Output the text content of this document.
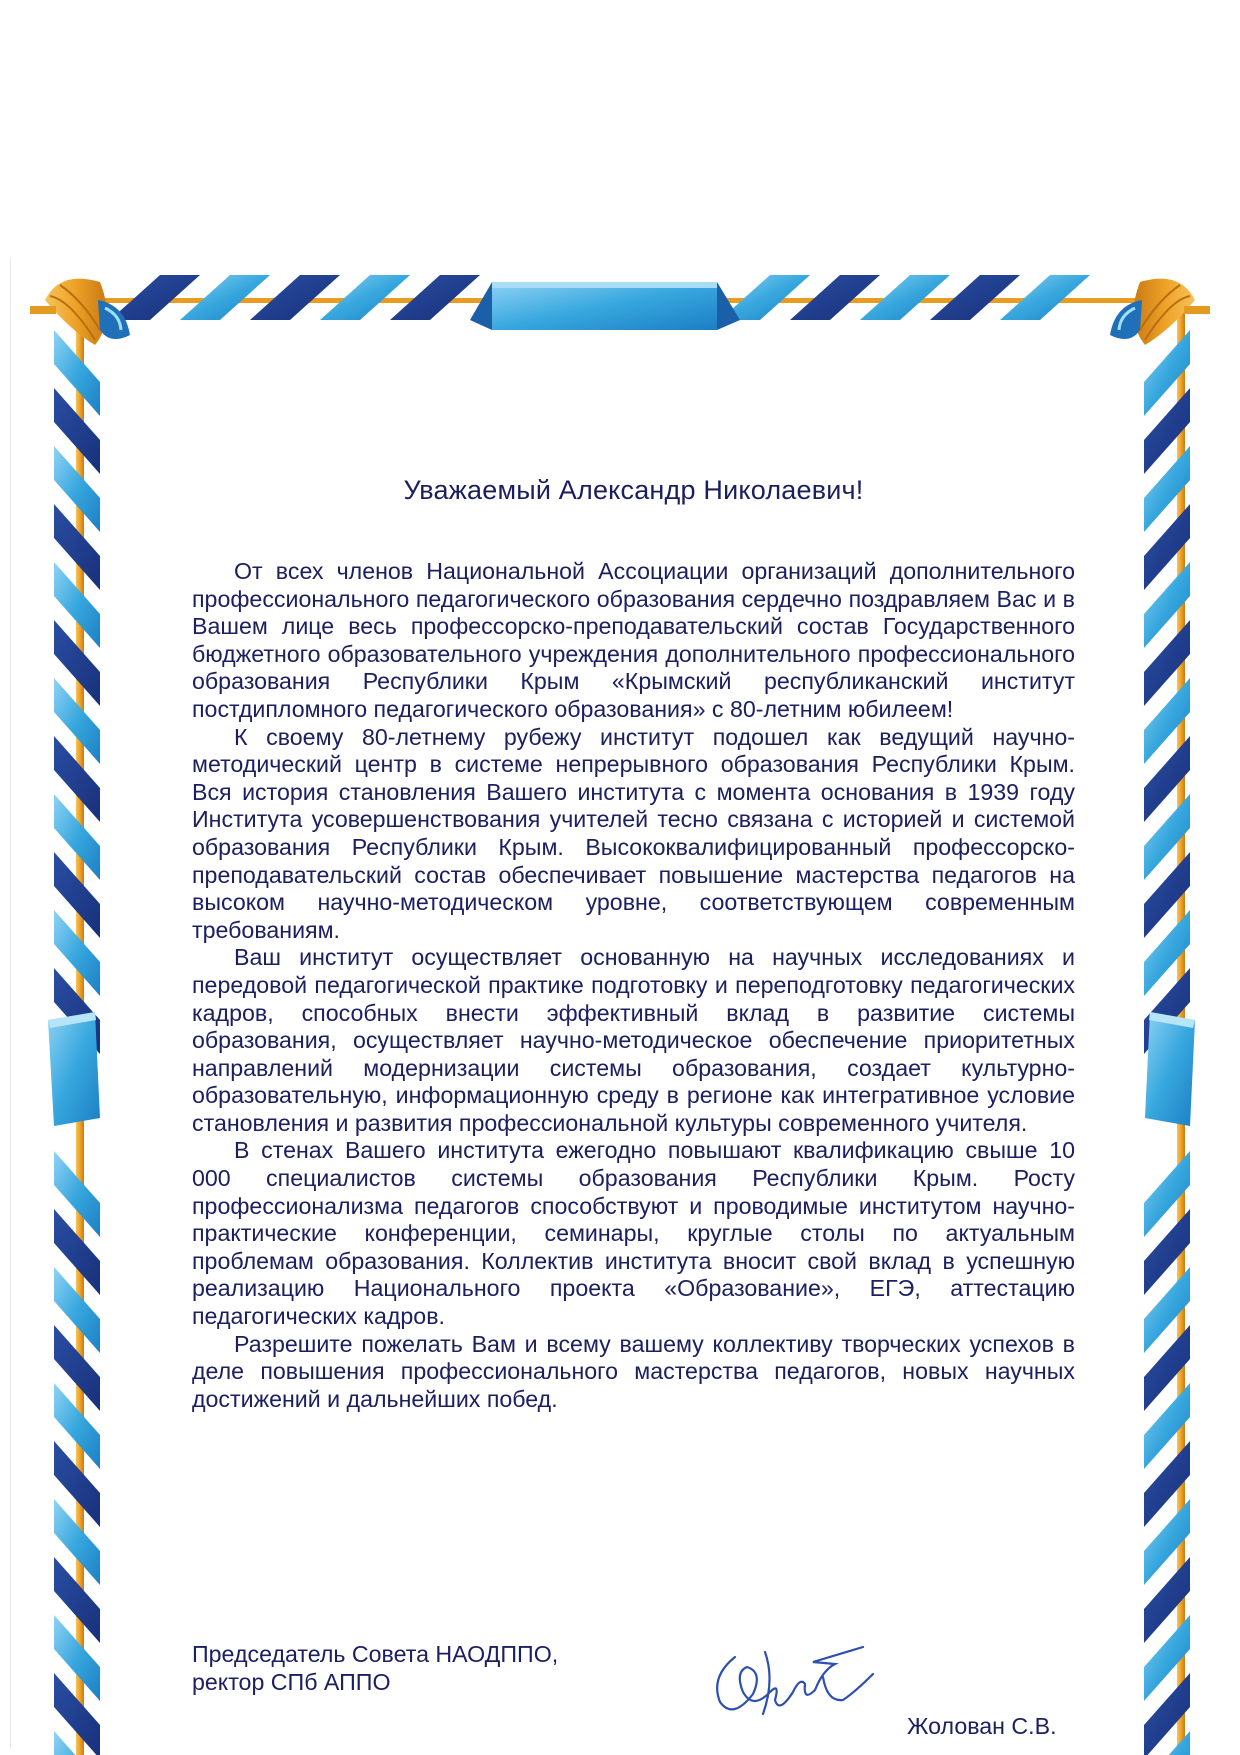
Уважаемый Александр Николаевич!

От всех членов Национальной Ассоциации организаций дополнительного профессионального педагогического образования сердечно поздравляем Вас и в Вашем лице весь профессорско-преподавательский состав Государственного бюджетного образовательного учреждения дополнительного профессионального образования Республики Крым «Крымский республиканский институт постдипломного педагогического образования» с 80-летним юбилеем!

К своему 80-летнему рубежу институт подошел как ведущий научно-методический центр в системе непрерывного образования Республики Крым. Вся история становления Вашего института с момента основания в 1939 году Института усовершенствования учителей тесно связана с историей и системой образования Республики Крым. Высококвалифицированный профессорско-преподавательский состав обеспечивает повышение мастерства педагогов на высоком научно-методическом уровне, соответствующем современным требованиям.

Ваш институт осуществляет основанную на научных исследованиях и передовой педагогической практике подготовку и переподготовку педагогических кадров, способных внести эффективный вклад в развитие системы образования, осуществляет научно-методическое обеспечение приоритетных направлений модернизации системы образования, создает культурно-образовательную, информационную среду в регионе как интегративное условие становления и развития профессиональной культуры современного учителя.

В стенах Вашего института ежегодно повышают квалификацию свыше 10 000 специалистов системы образования Республики Крым. Росту профессионализма педагогов способствуют и проводимые институтом научно-практические конференции, семинары, круглые столы по актуальным проблемам образования. Коллектив института вносит свой вклад в успешную реализацию Национального проекта «Образование», ЕГЭ, аттестацию педагогических кадров.

Разрешите пожелать Вам и всему вашему коллективу творческих успехов в деле повышения профессионального мастерства педагогов, новых научных достижений и дальнейших побед.

Председатель Совета НАОДППО,
ректор СПб АППО
Жолован С.В.
